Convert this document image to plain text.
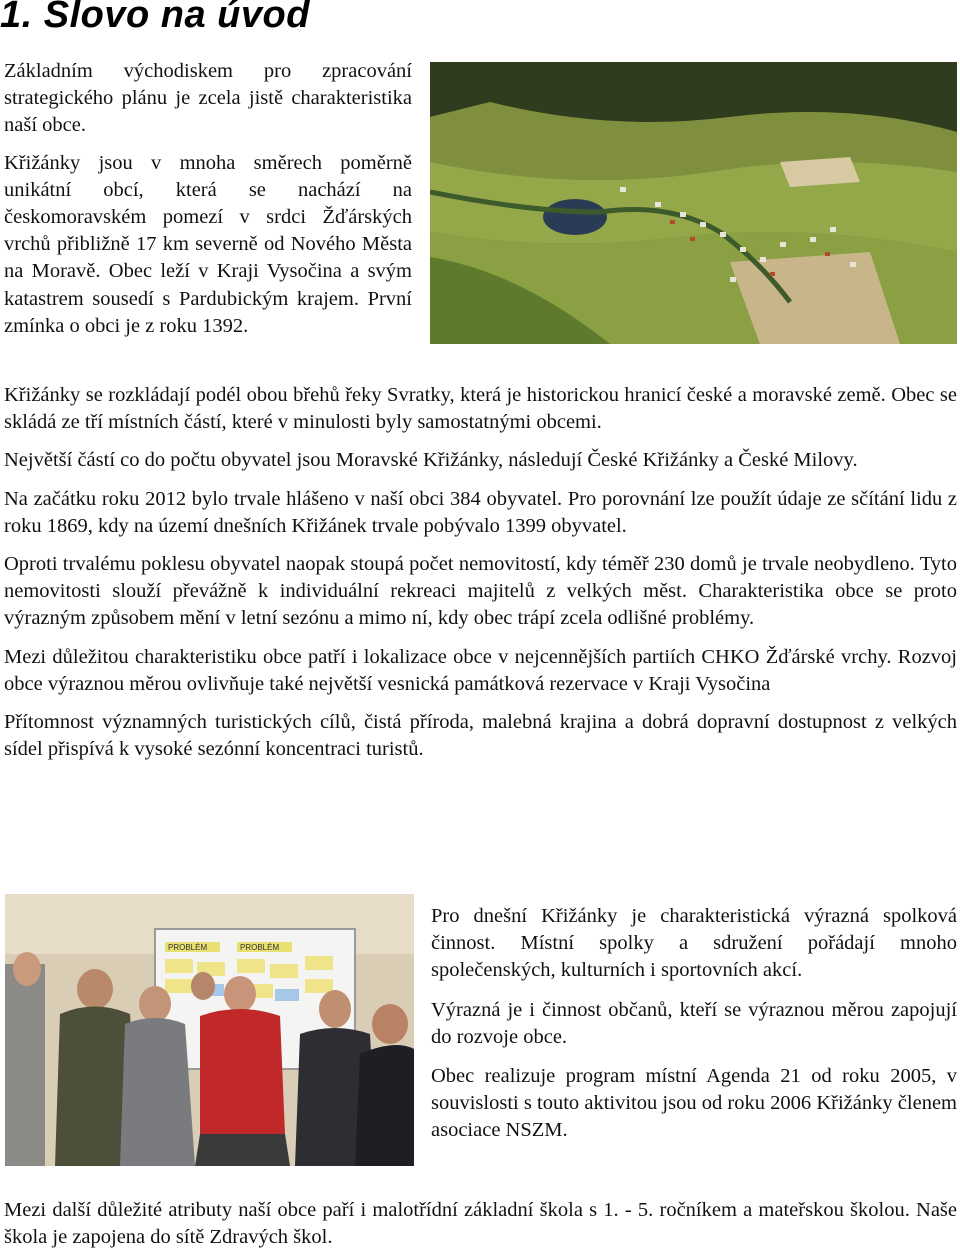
1. Slovo na úvod

Základním východiskem pro zpracování strategického plánu je zcela jistě charakteristika naší obce.

Křižánky jsou v mnoha směrech poměrně unikátní obcí, která se nachází na českomoravském pomezí v srdci Žďárských vrchů přibližně 17 km severně od Nového Města na Moravě. Obec leží v Kraji Vysočina a svým katastrem sousedí s Pardubickým krajem. První zmínka o obci je z roku 1392.

Křižánky se rozkládají podél obou břehů řeky Svratky, která je historickou hranicí české a moravské země. Obec se skládá ze tří místních částí, které v minulosti byly samostatnými obcemi.

Největší částí co do počtu obyvatel jsou Moravské Křižánky, následují České Křižánky a České Milovy.

Na začátku roku 2012 bylo trvale hlášeno v naší obci 384 obyvatel. Pro porovnání lze použít údaje ze sčítání lidu z roku 1869, kdy na území dnešních Křižánek trvale pobývalo 1399 obyvatel.

Oproti trvalému poklesu obyvatel naopak stoupá počet nemovitostí, kdy téměř 230 domů je trvale neobydleno. Tyto nemovitosti slouží převážně k individuální rekreaci majitelů z velkých měst. Charakteristika obce se proto výrazným způsobem mění v letní sezónu a mimo ní, kdy obec trápí zcela odlišné problémy.

Mezi důležitou charakteristiku obce patří i lokalizace obce v nejcennějších partiích CHKO Žďárské vrchy. Rozvoj obce výraznou měrou ovlivňuje také největší vesnická památková rezervace v Kraji Vysočina

Přítomnost významných turistických cílů, čistá příroda, malebná krajina a dobrá dopravní dostupnost z velkých sídel přispívá k vysoké sezónní koncentraci turistů.

PROBLÉM	PROBLÉM

Pro dnešní Křižánky je charakteristická výrazná spolková činnost. Místní spolky a sdružení pořádají mnoho společenských, kulturních i sportovních akcí.

Výrazná je i činnost občanů, kteří se výraznou měrou zapojují do rozvoje obce.

Obec realizuje program místní Agenda 21 od roku 2005, v souvislosti s touto aktivitou jsou od roku 2006 Křižánky členem asociace NSZM.

Mezi další důležité atributy naší obce paří i malotřídní základní škola s 1. - 5. ročníkem a mateřskou školou. Naše škola je zapojena do sítě Zdravých škol.
